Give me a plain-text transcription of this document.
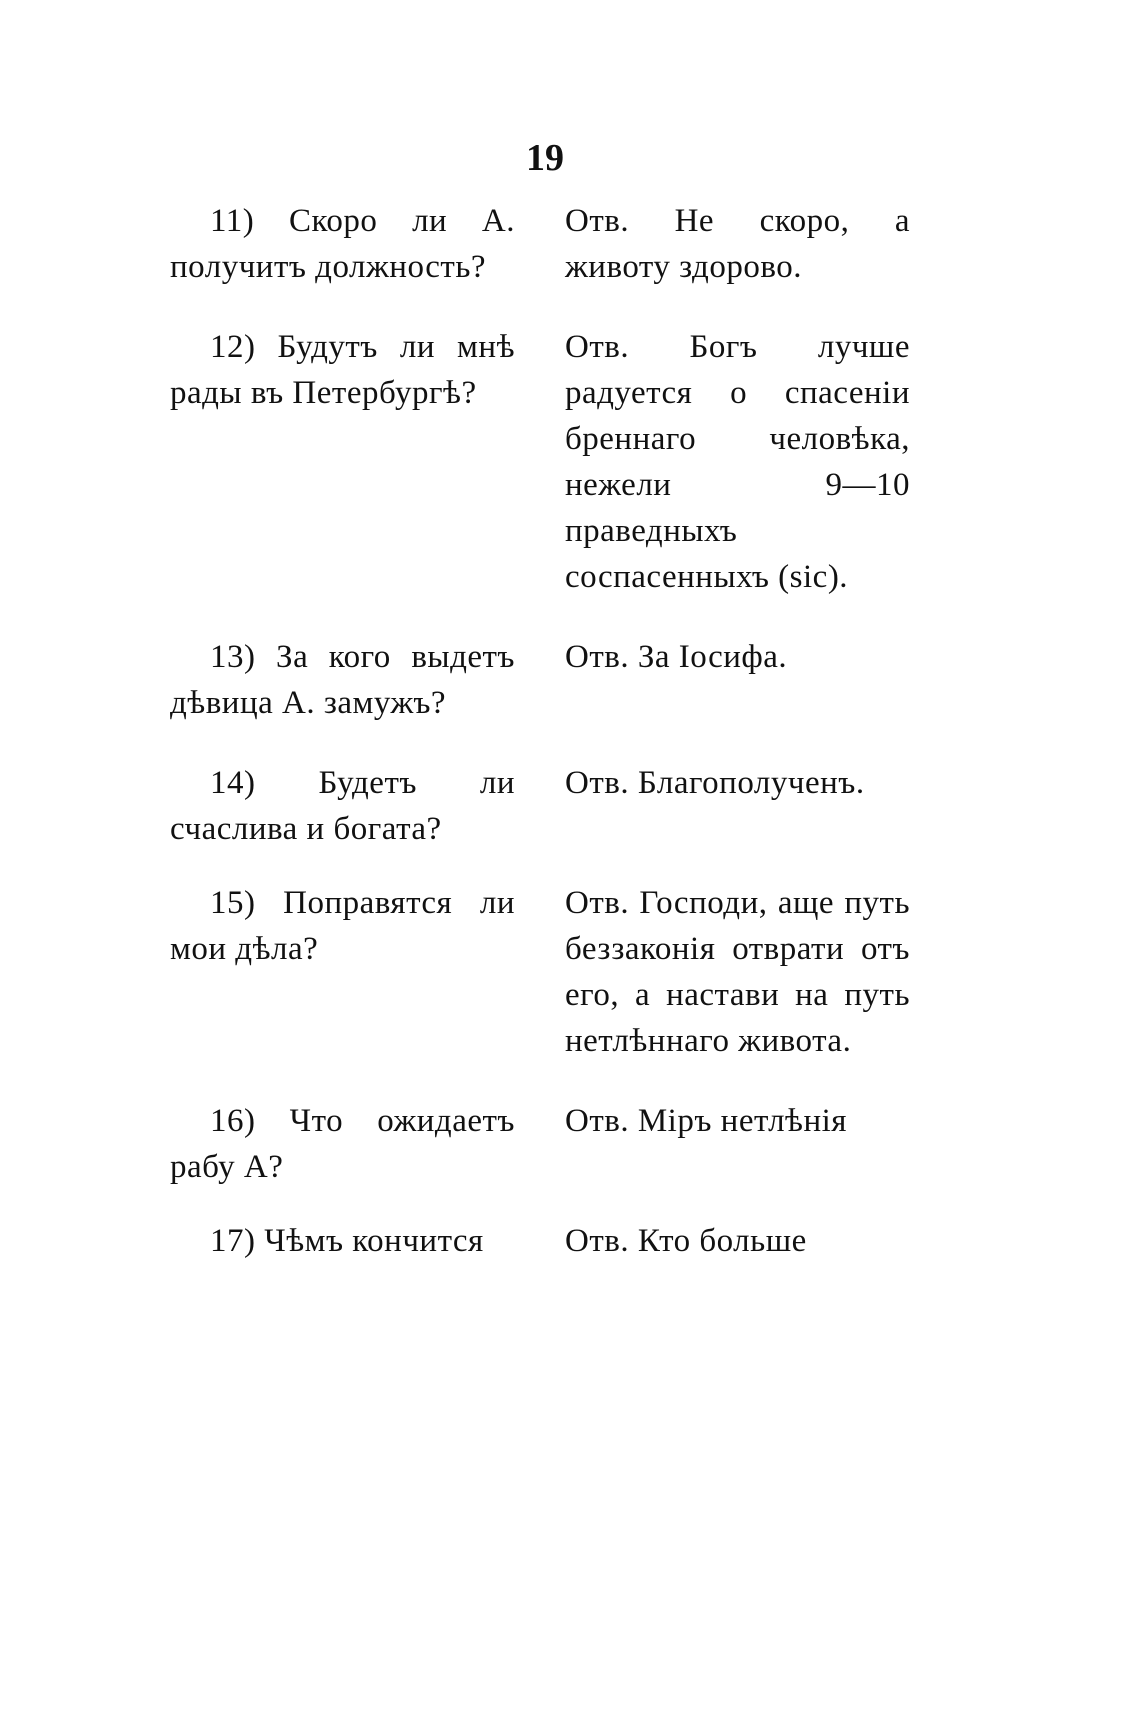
19
11) Скоро ли А. получитъ должность?
Отв. Не скоро, а животу здорово.
12) Будутъ ли мнѣ рады въ Петербургѣ?
Отв. Богъ лучше радуется о спасеніи бреннаго человѣка, нежели 9—10 праведныхъ соспасенныхъ (sic).
13) За кого выдетъ дѣвица А. замужъ?
Отв. За Іосифа.
14) Будетъ ли счаслива и богата?
Отв. Благополученъ.
15) Поправятся ли мои дѣла?
Отв. Господи, аще путь беззаконія отврати отъ его, а настави на путь нетлѣннаго живота.
16) Что ожидаетъ рабу А?
Отв. Міръ нетлѣнія
17) Чѣмъ кончится	Отв. Кто больше
